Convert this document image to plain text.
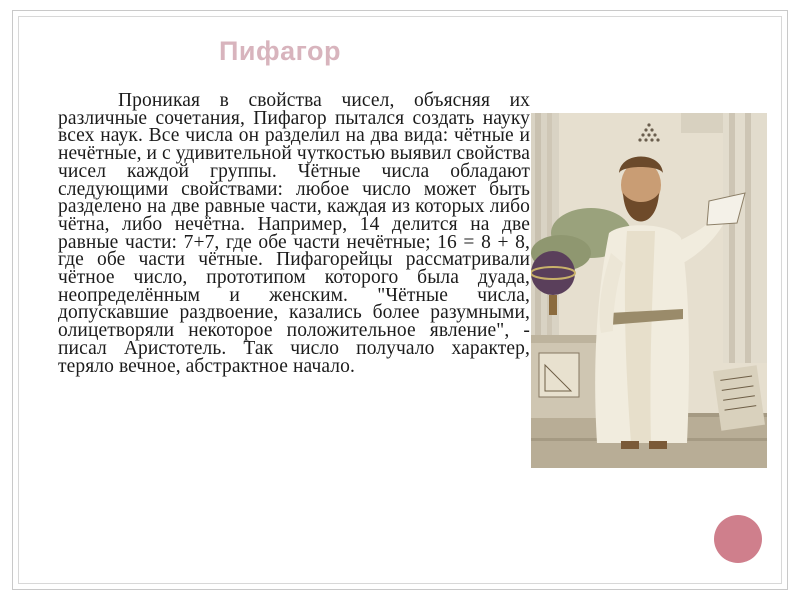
Пифагор
Проникая в свойства чисел, объясняя их различные сочетания, Пифагор пытался создать науку всех наук. Все числа он разделил на два вида: чётные и нечётные, и с удивительной чуткостью выявил свойства чисел каждой группы. Чётные числа обладают следующими свойствами: любое число может быть разделено на две равные части, каждая из которых либо чётна, либо нечётна. Например, 14 делится на две равные части: 7+7, где обе части нечётные; 16 = 8 + 8, где обе части чётные. Пифагорейцы рассматривали чётное число, прототипом которого была дуада, неопределённым и женским. "Чётные числа, допускавшие раздвоение, казались более разумными, олицетворяли некоторое положительное явление", - писал Аристотель. Так число получало характер, теряло вечное, абстрактное начало.
